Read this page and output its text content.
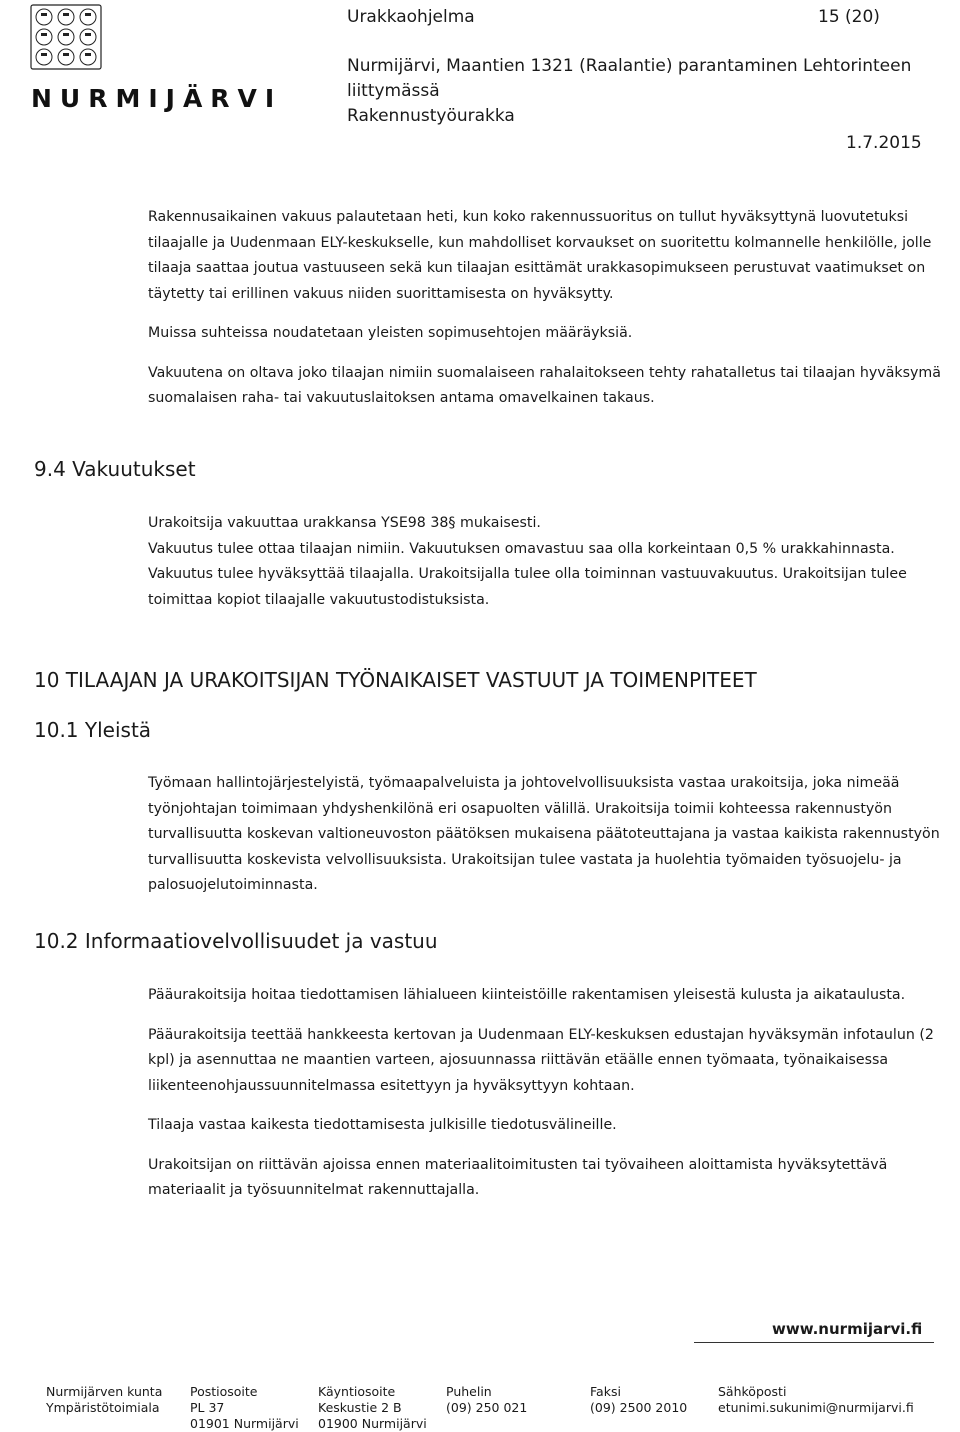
NURMIJÄRVI
Urakkaohjelma	15 (20)
Nurmijärvi, Maantien 1321 (Raalantie) parantaminen Lehtorinteen
liittymässä
Rakennustyöurakka
1.7.2015

Rakennusaikainen vakuus palautetaan heti, kun koko rakennussuoritus on tullut hyväksyttynä luovutetuksi tilaajalle ja Uudenmaan ELY-keskukselle, kun mahdolliset korvaukset on suoritettu kolmannelle henkilölle, jolle tilaaja saattaa joutua vastuuseen sekä kun tilaajan esittämät urakkasopimukseen perustuvat vaatimukset on täytetty tai erillinen vakuus niiden suorittamisesta on hyväksytty.

Muissa suhteissa noudatetaan yleisten sopimusehtojen määräyksiä.

Vakuutena on oltava joko tilaajan nimiin suomalaiseen rahalaitokseen tehty rahatalletus tai tilaajan hyväksymä suomalaisen raha- tai vakuutuslaitoksen antama omavelkainen takaus.

9.4 Vakuutukset

Urakoitsija vakuuttaa urakkansa YSE98 38§ mukaisesti.

Vakuutus tulee ottaa tilaajan nimiin. Vakuutuksen omavastuu saa olla korkeintaan 0,5 % urakkahinnasta. Vakuutus tulee hyväksyttää tilaajalla. Urakoitsijalla tulee olla toiminnan vastuuvakuutus. Urakoitsijan tulee toimittaa kopiot tilaajalle vakuutustodistuksista.

10 TILAAJAN JA URAKOITSIJAN TYÖNAIKAISET VASTUUT JA TOIMENPITEET
10.1 Yleistä

Työmaan hallintojärjestelyistä, työmaapalveluista ja johtovelvollisuuksista vastaa urakoitsija, joka nimeää työnjohtajan toimimaan yhdyshenkilönä eri osapuolten välillä. Urakoitsija toimii kohteessa rakennustyön turvallisuutta koskevan valtioneuvoston päätöksen mukaisena päätoteuttajana ja vastaa kaikista rakennustyön turvallisuutta koskevista velvollisuuksista. Urakoitsijan tulee vastata ja huolehtia työmaiden työsuojelu- ja palosuojelutoiminnasta.

10.2 Informaatiovelvollisuudet ja vastuu

Pääurakoitsija hoitaa tiedottamisen lähialueen kiinteistöille rakentamisen yleisestä kulusta ja aikataulusta.

Pääurakoitsija teettää hankkeesta kertovan ja Uudenmaan ELY-keskuksen edustajan hyväksymän infotaulun (2 kpl) ja asennuttaa ne maantien varteen, ajosuunnassa riittävän etäälle ennen työmaata, työnaikaisessa liikenteenohjaussuunnitelmassa esitettyyn ja hyväksyttyyn kohtaan.

Tilaaja vastaa kaikesta tiedottamisesta julkisille tiedotusvälineille.

Urakoitsijan on riittävän ajoissa ennen materiaalitoimitusten tai työvaiheen aloittamista hyväksytettävä materiaalit ja työsuunnitelmat rakennuttajalla.

www.nurmijarvi.fi
Nurmijärven kunta
Ympäristötoimiala
Postiosoite
PL 37
01901 Nurmijärvi
Käyntiosoite
Keskustie 2 B
01900 Nurmijärvi
Puhelin
(09) 250 021
Faksi
(09) 2500 2010
Sähköposti
etunimi.sukunimi@nurmijarvi.fi
